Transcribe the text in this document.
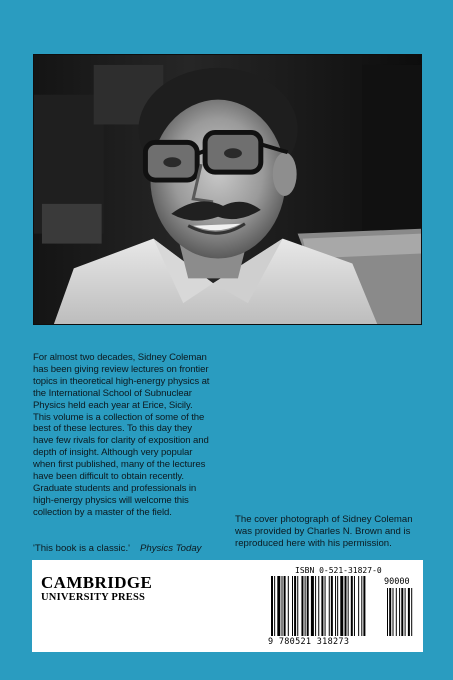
For almost two decades, Sidney Coleman
has been giving review lectures on frontier
topics in theoretical high-energy physics at
the International School of Subnuclear
Physics held each year at Erice, Sicily.
This volume is a collection of some of the
best of these lectures. To this day they
have few rivals for clarity of exposition and
depth of insight. Although very popular
when first published, many of the lectures
have been difficult to obtain recently.
Graduate students and professionals in
high-energy physics will welcome this
collection by a master of the field.
'This book is a classic.' Physics Today
The cover photograph of Sidney Coleman
was provided by Charles N. Brown and is
reproduced here with his permission.
CAMBRIDGE
UNIVERSITY PRESS
ISBN 0-521-31827-0
90000
9 780521 318273
